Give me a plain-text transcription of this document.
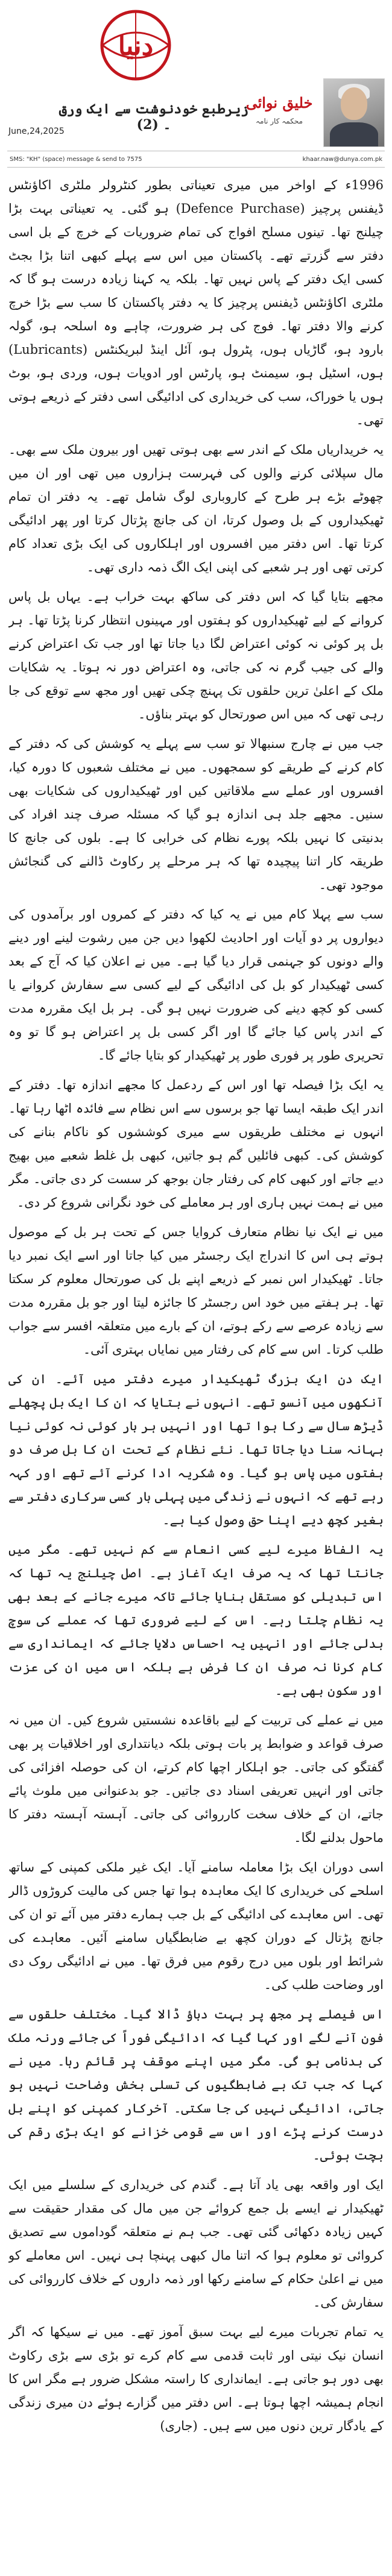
دنیا
خلیق نوائی
محکمہ کار نامہ
زیرطبع خودنوشت سے ایک ورق ۔ (2)
June,24,2025
SMS: "KH" (space) message & send to 7575	khaar.naw@dunya.com.pk

1996ء کے اواخر میں میری تعیناتی بطور کنٹرولر ملٹری اکاؤنٹس ڈیفنس پرچیز (Defence Purchase) ہو گئی۔ یہ تعیناتی بہت بڑا چیلنج تھا۔ تینوں مسلح افواج کی تمام ضروریات کے خرچ کے بل اسی دفتر سے گزرتے تھے۔ پاکستان میں اس سے پہلے کبھی اتنا بڑا بجٹ کسی ایک دفتر کے پاس نہیں تھا۔ بلکہ یہ کہنا زیادہ درست ہو گا کہ ملٹری اکاؤنٹس ڈیفنس پرچیز کا یہ دفتر پاکستان کا سب سے بڑا خرچ کرنے والا دفتر تھا۔ فوج کی ہر ضرورت، چاہے وہ اسلحہ ہو، گولہ بارود ہو، گاڑیاں ہوں، پٹرول ہو، آئل اینڈ لبریکنٹس (Lubricants) ہوں، اسٹیل ہو، سیمنٹ ہو، پارٹس اور ادویات ہوں، وردی ہو، بوٹ ہوں یا خوراک، سب کی خریداری کی ادائیگی اسی دفتر کے ذریعے ہوتی تھی۔

یہ خریداریاں ملک کے اندر سے بھی ہوتی تھیں اور بیرون ملک سے بھی۔ مال سپلائی کرنے والوں کی فہرست ہزاروں میں تھی اور ان میں چھوٹے بڑے ہر طرح کے کاروباری لوگ شامل تھے۔ یہ دفتر ان تمام ٹھیکیداروں کے بل وصول کرتا، ان کی جانچ پڑتال کرتا اور پھر ادائیگی کرتا تھا۔ اس دفتر میں افسروں اور اہلکاروں کی ایک بڑی تعداد کام کرتی تھی اور ہر شعبے کی اپنی ایک الگ ذمہ داری تھی۔

مجھے بتایا گیا کہ اس دفتر کی ساکھ بہت خراب ہے۔ یہاں بل پاس کروانے کے لیے ٹھیکیداروں کو ہفتوں اور مہینوں انتظار کرنا پڑتا تھا۔ ہر بل پر کوئی نہ کوئی اعتراض لگا دیا جاتا تھا اور جب تک اعتراض کرنے والے کی جیب گرم نہ کی جاتی، وہ اعتراض دور نہ ہوتا۔ یہ شکایات ملک کے اعلیٰ ترین حلقوں تک پہنچ چکی تھیں اور مجھ سے توقع کی جا رہی تھی کہ میں اس صورتحال کو بہتر بناؤں۔

جب میں نے چارج سنبھالا تو سب سے پہلے یہ کوشش کی کہ دفتر کے کام کرنے کے طریقے کو سمجھوں۔ میں نے مختلف شعبوں کا دورہ کیا، افسروں اور عملے سے ملاقاتیں کیں اور ٹھیکیداروں کی شکایات بھی سنیں۔ مجھے جلد ہی اندازہ ہو گیا کہ مسئلہ صرف چند افراد کی بدنیتی کا نہیں بلکہ پورے نظام کی خرابی کا ہے۔ بلوں کی جانچ کا طریقہ کار اتنا پیچیدہ تھا کہ ہر مرحلے پر رکاوٹ ڈالنے کی گنجائش موجود تھی۔

سب سے پہلا کام میں نے یہ کیا کہ دفتر کے کمروں اور برآمدوں کی دیواروں پر دو آیات اور احادیث لکھوا دیں جن میں رشوت لینے اور دینے والے دونوں کو جہنمی قرار دیا گیا ہے۔ میں نے اعلان کیا کہ آج کے بعد کسی ٹھیکیدار کو بل کی ادائیگی کے لیے کسی سے سفارش کروانے یا کسی کو کچھ دینے کی ضرورت نہیں ہو گی۔ ہر بل ایک مقررہ مدت کے اندر پاس کیا جائے گا اور اگر کسی بل پر اعتراض ہو گا تو وہ تحریری طور پر فوری طور پر ٹھیکیدار کو بتایا جائے گا۔

یہ ایک بڑا فیصلہ تھا اور اس کے ردعمل کا مجھے اندازہ تھا۔ دفتر کے اندر ایک طبقہ ایسا تھا جو برسوں سے اس نظام سے فائدہ اٹھا رہا تھا۔ انہوں نے مختلف طریقوں سے میری کوششوں کو ناکام بنانے کی کوشش کی۔ کبھی فائلیں گم ہو جاتیں، کبھی بل غلط شعبے میں بھیج دیے جاتے اور کبھی کام کی رفتار جان بوجھ کر سست کر دی جاتی۔ مگر میں نے ہمت نہیں ہاری اور ہر معاملے کی خود نگرانی شروع کر دی۔

میں نے ایک نیا نظام متعارف کروایا جس کے تحت ہر بل کے موصول ہوتے ہی اس کا اندراج ایک رجسٹر میں کیا جاتا اور اسے ایک نمبر دیا جاتا۔ ٹھیکیدار اس نمبر کے ذریعے اپنے بل کی صورتحال معلوم کر سکتا تھا۔ ہر ہفتے میں خود اس رجسٹر کا جائزہ لیتا اور جو بل مقررہ مدت سے زیادہ عرصے سے رکے ہوتے، ان کے بارے میں متعلقہ افسر سے جواب طلب کرتا۔ اس سے کام کی رفتار میں نمایاں بہتری آئی۔

ایک دن ایک بزرگ ٹھیکیدار میرے دفتر میں آئے۔ ان کی آنکھوں میں آنسو تھے۔ انہوں نے بتایا کہ ان کا ایک بل پچھلے ڈیڑھ سال سے رکا ہوا تھا اور انہیں ہر بار کوئی نہ کوئی نیا بہانہ سنا دیا جاتا تھا۔ نئے نظام کے تحت ان کا بل صرف دو ہفتوں میں پاس ہو گیا۔ وہ شکریہ ادا کرنے آئے تھے اور کہہ رہے تھے کہ انہوں نے زندگی میں پہلی بار کسی سرکاری دفتر سے بغیر کچھ دیے اپنا حق وصول کیا ہے۔

یہ الفاظ میرے لیے کسی انعام سے کم نہیں تھے۔ مگر میں جانتا تھا کہ یہ صرف ایک آغاز ہے۔ اصل چیلنج یہ تھا کہ اس تبدیلی کو مستقل بنایا جائے تاکہ میرے جانے کے بعد بھی یہ نظام چلتا رہے۔ اس کے لیے ضروری تھا کہ عملے کی سوچ بدلی جائے اور انہیں یہ احساس دلایا جائے کہ ایمانداری سے کام کرنا نہ صرف ان کا فرض ہے بلکہ اس میں ان کی عزت اور سکون بھی ہے۔

میں نے عملے کی تربیت کے لیے باقاعدہ نشستیں شروع کیں۔ ان میں نہ صرف قواعد و ضوابط پر بات ہوتی بلکہ دیانتداری اور اخلاقیات پر بھی گفتگو کی جاتی۔ جو اہلکار اچھا کام کرتے، ان کی حوصلہ افزائی کی جاتی اور انہیں تعریفی اسناد دی جاتیں۔ جو بدعنوانی میں ملوث پائے جاتے، ان کے خلاف سخت کارروائی کی جاتی۔ آہستہ آہستہ دفتر کا ماحول بدلنے لگا۔

اسی دوران ایک بڑا معاملہ سامنے آیا۔ ایک غیر ملکی کمپنی کے ساتھ اسلحے کی خریداری کا ایک معاہدہ ہوا تھا جس کی مالیت کروڑوں ڈالر تھی۔ اس معاہدے کی ادائیگی کے بل جب ہمارے دفتر میں آئے تو ان کی جانچ پڑتال کے دوران کچھ بے ضابطگیاں سامنے آئیں۔ معاہدے کی شرائط اور بلوں میں درج رقوم میں فرق تھا۔ میں نے ادائیگی روک دی اور وضاحت طلب کی۔

اس فیصلے پر مجھ پر بہت دباؤ ڈالا گیا۔ مختلف حلقوں سے فون آنے لگے اور کہا گیا کہ ادائیگی فوراً کی جائے ورنہ ملک کی بدنامی ہو گی۔ مگر میں اپنے موقف پر قائم رہا۔ میں نے کہا کہ جب تک بے ضابطگیوں کی تسلی بخش وضاحت نہیں ہو جاتی، ادائیگی نہیں کی جا سکتی۔ آخرکار کمپنی کو اپنے بل درست کرنے پڑے اور اس سے قومی خزانے کو ایک بڑی رقم کی بچت ہوئی۔

ایک اور واقعہ بھی یاد آتا ہے۔ گندم کی خریداری کے سلسلے میں ایک ٹھیکیدار نے ایسے بل جمع کروائے جن میں مال کی مقدار حقیقت سے کہیں زیادہ دکھائی گئی تھی۔ جب ہم نے متعلقہ گوداموں سے تصدیق کروائی تو معلوم ہوا کہ اتنا مال کبھی پہنچا ہی نہیں۔ اس معاملے کو میں نے اعلیٰ حکام کے سامنے رکھا اور ذمہ داروں کے خلاف کارروائی کی سفارش کی۔

یہ تمام تجربات میرے لیے بہت سبق آموز تھے۔ میں نے سیکھا کہ اگر انسان نیک نیتی اور ثابت قدمی سے کام کرے تو بڑی سے بڑی رکاوٹ بھی دور ہو جاتی ہے۔ ایمانداری کا راستہ مشکل ضرور ہے مگر اس کا انجام ہمیشہ اچھا ہوتا ہے۔ اس دفتر میں گزارے ہوئے دن میری زندگی کے یادگار ترین دنوں میں سے ہیں۔ (جاری)
